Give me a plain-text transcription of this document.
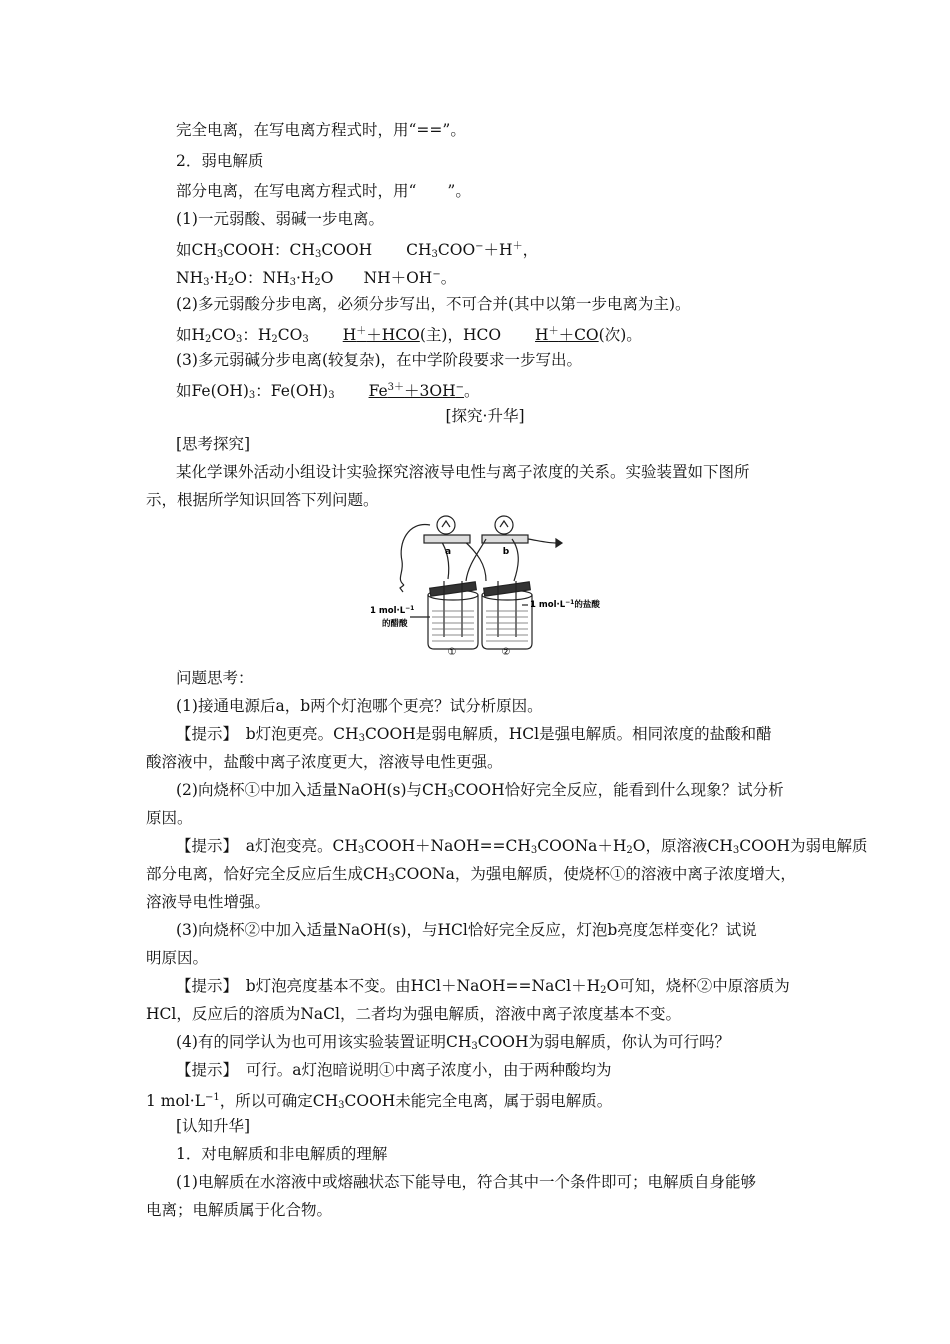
完全电离，在写电离方程式时，用“==”。
2．弱电解质
部分电离，在写电离方程式时，用“　　”。
(1)一元弱酸、弱碱一步电离。
如$CH_3COOH$：$CH_3COOH$ $CH_3COO^-+H^+$，
$NH_3\cdot H_2O$：$NH_3\cdot H_2O$ NH＋OH−。
(2)多元弱酸分步电离，必须分步写出，不可合并(其中以第一步电离为主)。
如$H_2CO_3$：$H_2CO_3$ H＋＋HCO(主)，HCO H＋＋CO(次)。
(3)多元弱碱分步电离(较复杂)，在中学阶段要求一步写出。
如$Fe(OH)_3$：$Fe(OH)_3$ $Fe^{3+}+3OH^-$。
[探究·升华]
[思考探究]
某化学课外活动小组设计实验探究溶液导电性与离子浓度的关系。实验装置如下图所
示，根据所学知识回答下列问题。
a	b
1 $mol\cdot L^{-1}$
的醋酸
1 $mol\cdot L^{-1}$的盐酸
①	②
问题思考：
(1)接通电源后a，b两个灯泡哪个更亮？试分析原因。
【提示】　b灯泡更亮。$CH_3COOH$是弱电解质，HCl是强电解质。相同浓度的盐酸和醋
酸溶液中，盐酸中离子浓度更大，溶液导电性更强。
(2)向烧杯①中加入适量NaOH(s)与$CH_3COOH$恰好完全反应，能看到什么现象？试分析
原因。
【提示】　a灯泡变亮。$CH_3COOH+NaOH==CH_3COONa+H_2O$，原溶液$CH_3COOH$为弱电解质
部分电离，恰好完全反应后生成$CH_3COONa$，为强电解质，使烧杯①的溶液中离子浓度增大，
溶液导电性增强。
(3)向烧杯②中加入适量NaOH(s)，与HCl恰好完全反应，灯泡b亮度怎样变化？试说
明原因。
【提示】　b灯泡亮度基本不变。由$HCl+NaOH==NaCl+H_2O$可知，烧杯②中原溶质为
HCl，反应后的溶质为NaCl，二者均为强电解质，溶液中离子浓度基本不变。
(4)有的同学认为也可用该实验装置证明$CH_3COOH$为弱电解质，你认为可行吗？
【提示】　可行。a灯泡暗说明①中离子浓度小，由于两种酸均为
1 $mol\cdot L^{-1}$，所以可确定$CH_3COOH$未能完全电离，属于弱电解质。
[认知升华]
1．对电解质和非电解质的理解
(1)电解质在水溶液中或熔融状态下能导电，符合其中一个条件即可；电解质自身能够
电离；电解质属于化合物。
